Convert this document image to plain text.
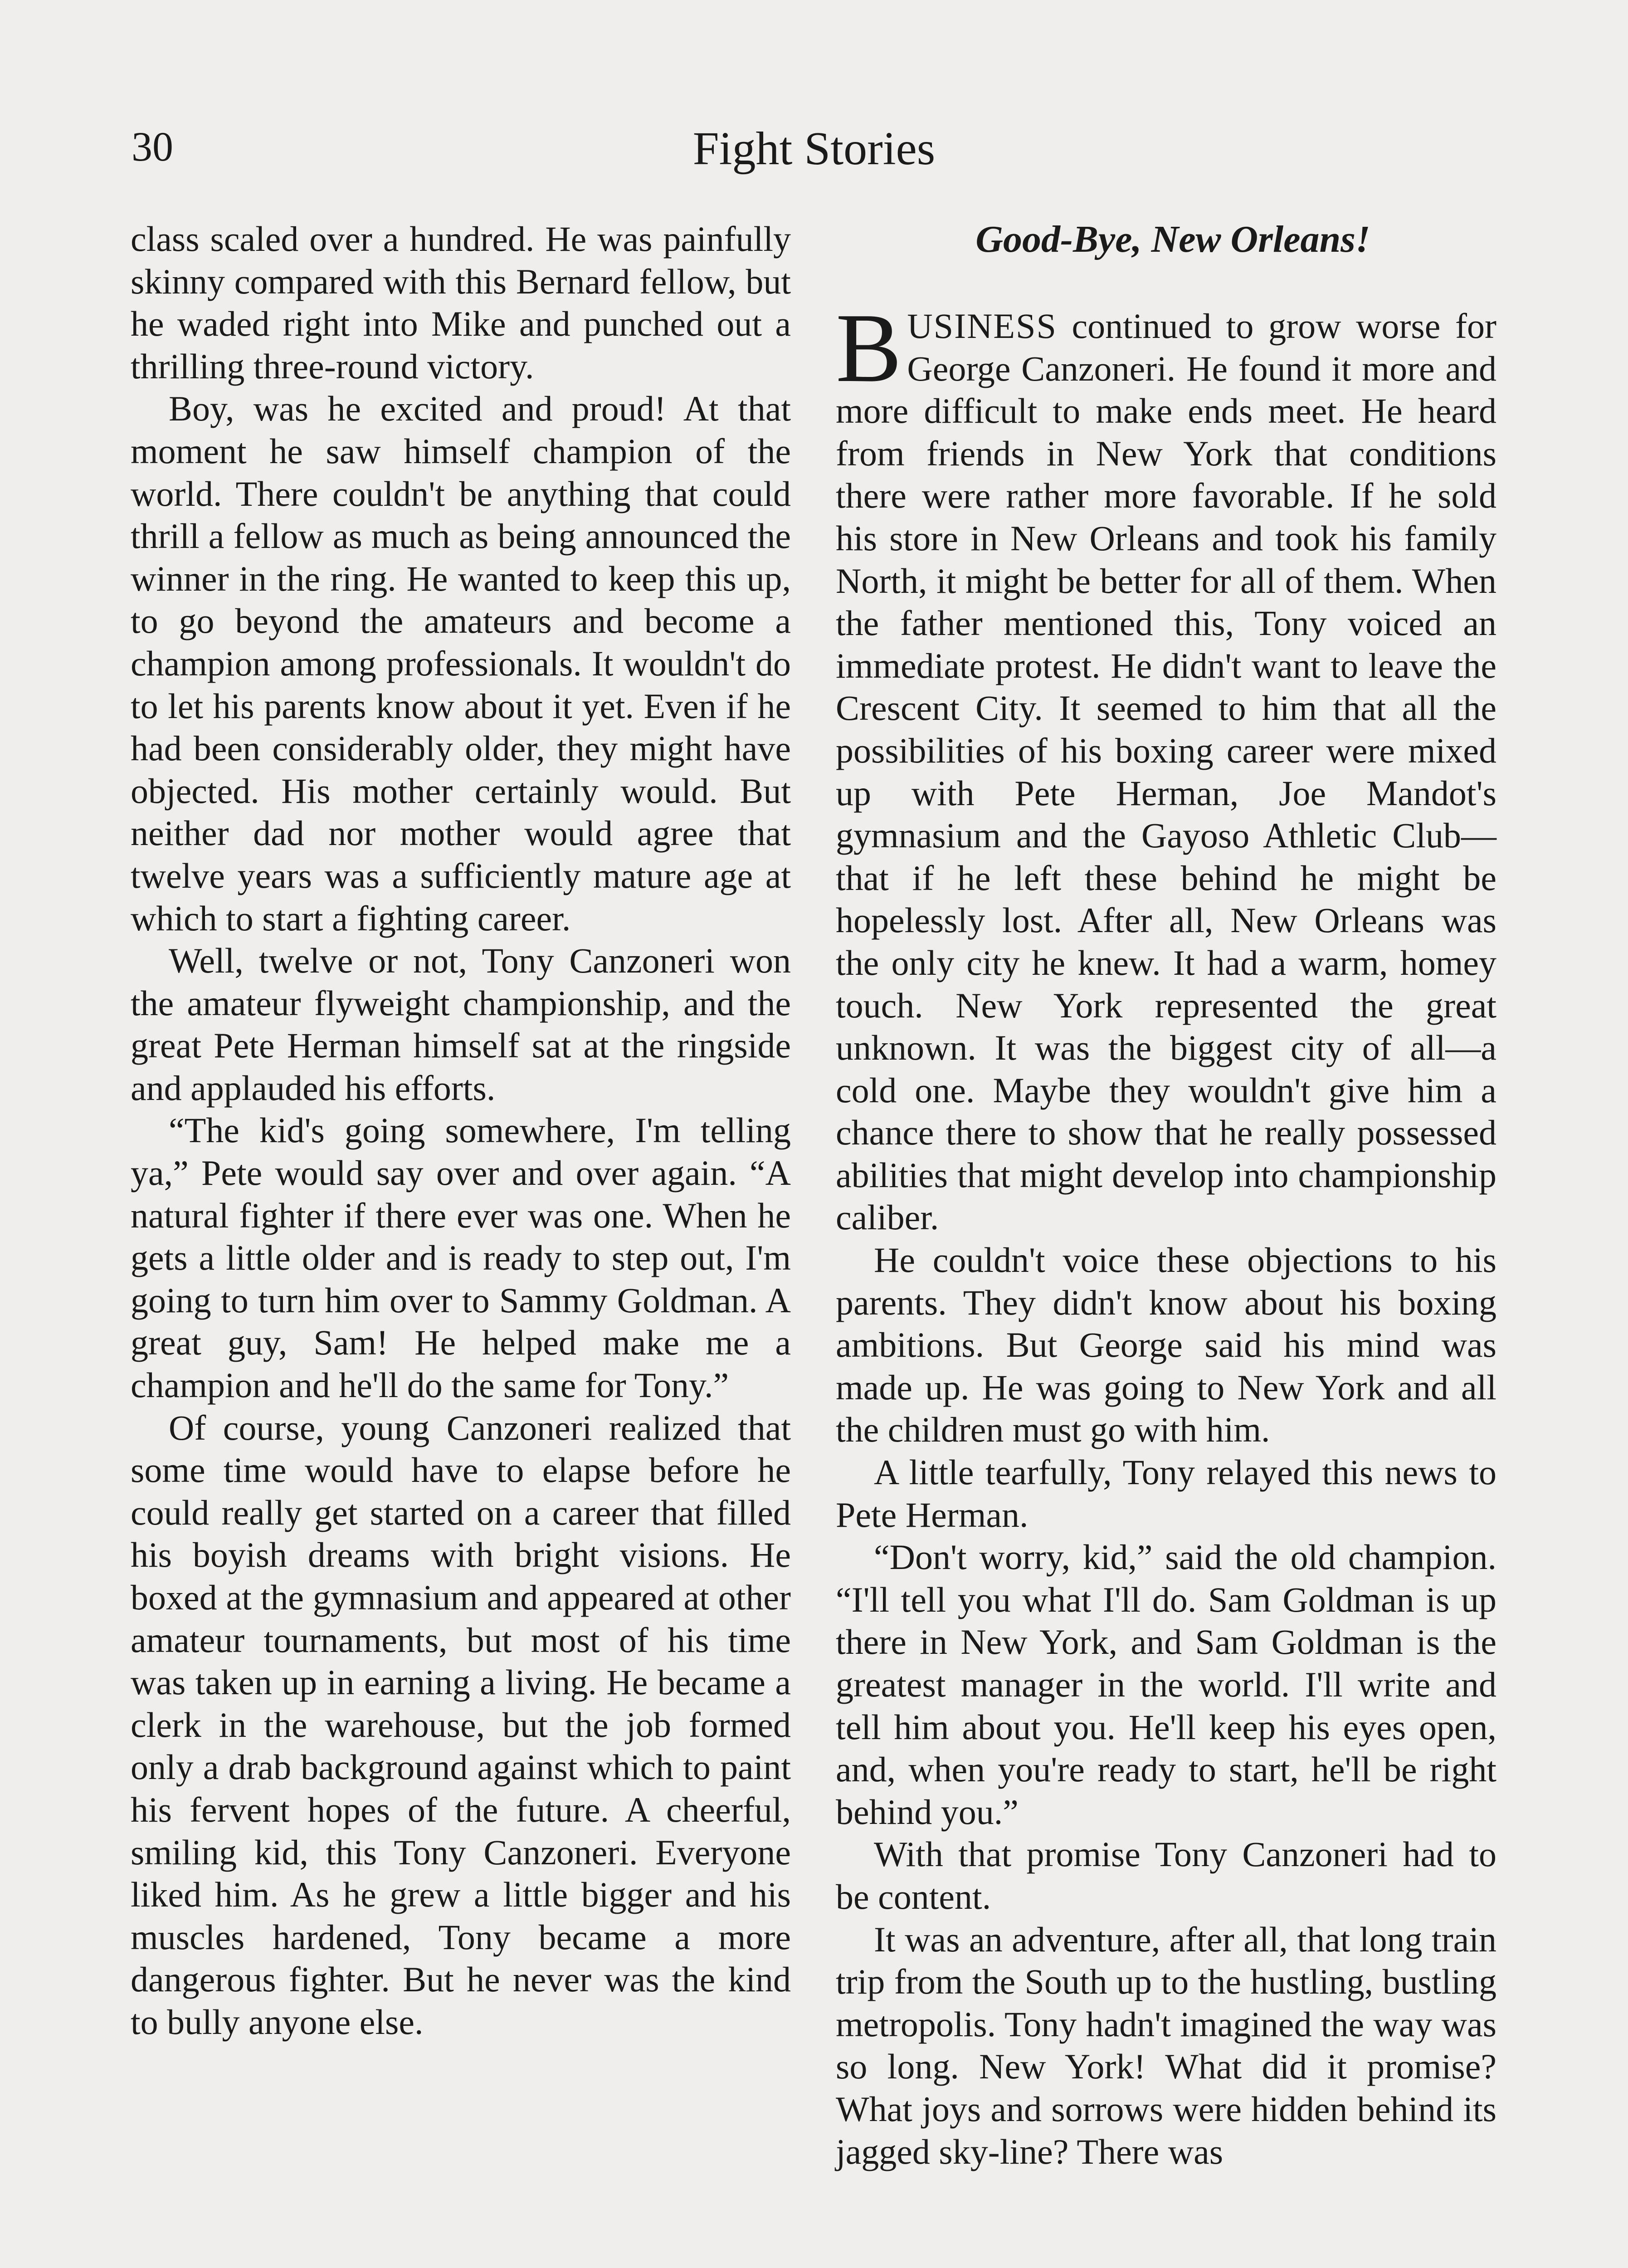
30	Fight Stories

class scaled over a hundred. He was painfully skinny compared with this Bernard fellow, but he waded right into Mike and punched out a thrilling three-round victory.

Boy, was he excited and proud! At that moment he saw himself champion of the world. There couldn't be anything that could thrill a fellow as much as being announced the winner in the ring. He wanted to keep this up, to go beyond the amateurs and become a champion among professionals. It wouldn't do to let his parents know about it yet. Even if he had been considerably older, they might have objected. His mother certainly would. But neither dad nor mother would agree that twelve years was a sufficiently mature age at which to start a fighting career.

Well, twelve or not, Tony Canzoneri won the amateur flyweight championship, and the great Pete Herman himself sat at the ringside and applauded his efforts.

“The kid's going somewhere, I'm telling ya,” Pete would say over and over again. “A natural fighter if there ever was one. When he gets a little older and is ready to step out, I'm going to turn him over to Sammy Goldman. A great guy, Sam! He helped make me a champion and he'll do the same for Tony.”

Of course, young Canzoneri realized that some time would have to elapse before he could really get started on a career that filled his boyish dreams with bright visions. He boxed at the gymnasium and appeared at other amateur tournaments, but most of his time was taken up in earning a living. He became a clerk in the warehouse, but the job formed only a drab background against which to paint his fervent hopes of the future. A cheerful, smiling kid, this Tony Canzoneri. Everyone liked him. As he grew a little bigger and his muscles hardened, Tony became a more dangerous fighter. But he never was the kind to bully anyone else.

Good-Bye, New Orleans!

BUSINESS continued to grow worse for George Canzoneri. He found it more and more difficult to make ends meet. He heard from friends in New York that conditions there were rather more favorable. If he sold his store in New Orleans and took his family North, it might be better for all of them. When the father mentioned this, Tony voiced an immediate protest. He didn't want to leave the Crescent City. It seemed to him that all the possibilities of his boxing career were mixed up with Pete Herman, Joe Mandot's gymnasium and the Gayoso Athletic Club—that if he left these behind he might be hopelessly lost. After all, New Orleans was the only city he knew. It had a warm, homey touch. New York represented the great unknown. It was the biggest city of all—a cold one. Maybe they wouldn't give him a chance there to show that he really possessed abilities that might develop into championship caliber.

He couldn't voice these objections to his parents. They didn't know about his boxing ambitions. But George said his mind was made up. He was going to New York and all the children must go with him.

A little tearfully, Tony relayed this news to Pete Herman.

“Don't worry, kid,” said the old champion. “I'll tell you what I'll do. Sam Goldman is up there in New York, and Sam Goldman is the greatest manager in the world. I'll write and tell him about you. He'll keep his eyes open, and, when you're ready to start, he'll be right behind you.”

With that promise Tony Canzoneri had to be content.

It was an adventure, after all, that long train trip from the South up to the hustling, bustling metropolis. Tony hadn't imagined the way was so long. New York! What did it promise? What joys and sorrows were hidden behind its jagged sky-line? There was
